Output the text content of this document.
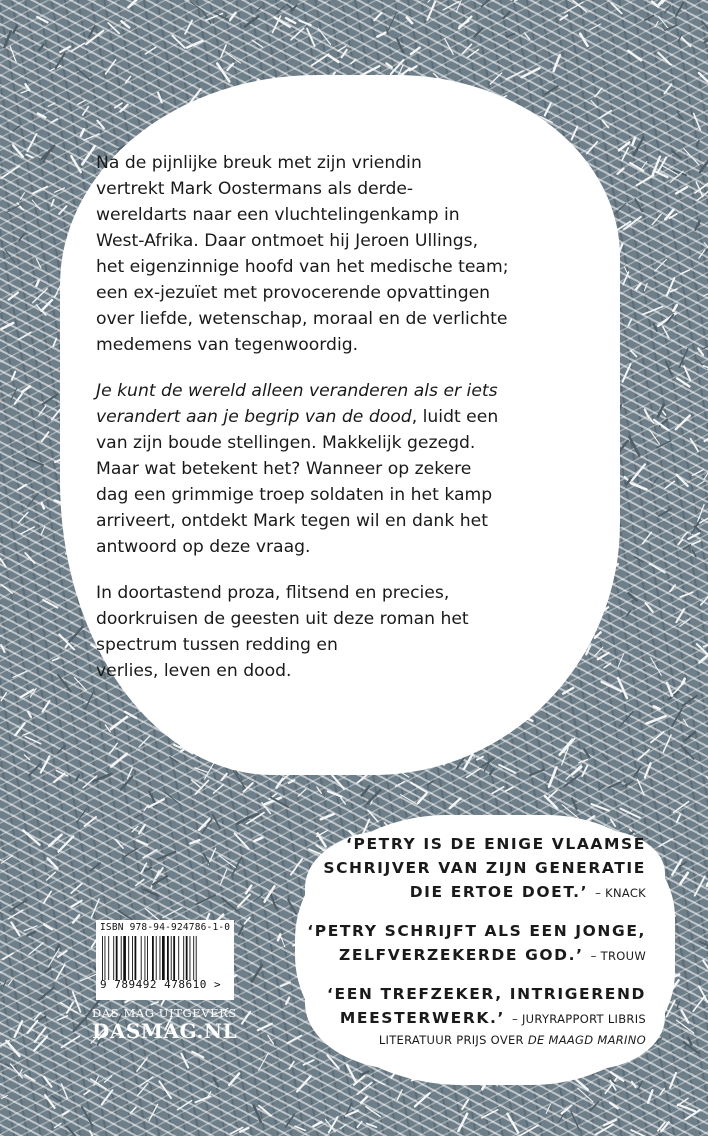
Na de pijnlijke breuk met zijn vriendin
vertrekt Mark Oostermans als derde-
wereldarts naar een vluchtelingenkamp in
West-Afrika. Daar ontmoet hij Jeroen Ullings,
het eigenzinnige hoofd van het medische team;
een ex-jezuïet met provocerende opvattingen
over liefde, wetenschap, moraal en de verlichte
medemens van tegenwoordig.

Je kunt de wereld alleen veranderen als er iets
verandert aan je begrip van de dood, luidt een
van zijn boude stellingen. Makkelijk gezegd.
Maar wat betekent het? Wanneer op zekere
dag een grimmige troep soldaten in het kamp
arriveert, ontdekt Mark tegen wil en dank het
antwoord op deze vraag.

In doortastend proza, flitsend en precies,
doorkruisen de geesten uit deze roman het
spectrum tussen redding en
verlies, leven en dood.

‘PETRY IS DE ENIGE VLAAMSE
SCHRIJVER VAN ZIJN GENERATIE
DIE ERTOE DOET.’ – KNACK
‘PETRY SCHRIJFT ALS EEN JONGE,
ZELFVERZEKERDE GOD.’ – TROUW
‘EEN TREFZEKER, INTRIGEREND
MEESTERWERK.’ – JURYRAPPORT LIBRIS
LITERATUUR PRIJS OVER DE MAAGD MARINO
ISBN 978-94-924786-1-0
9 789492 478610 >
DAS MAG UITGEVERS
DASMAG.NL
